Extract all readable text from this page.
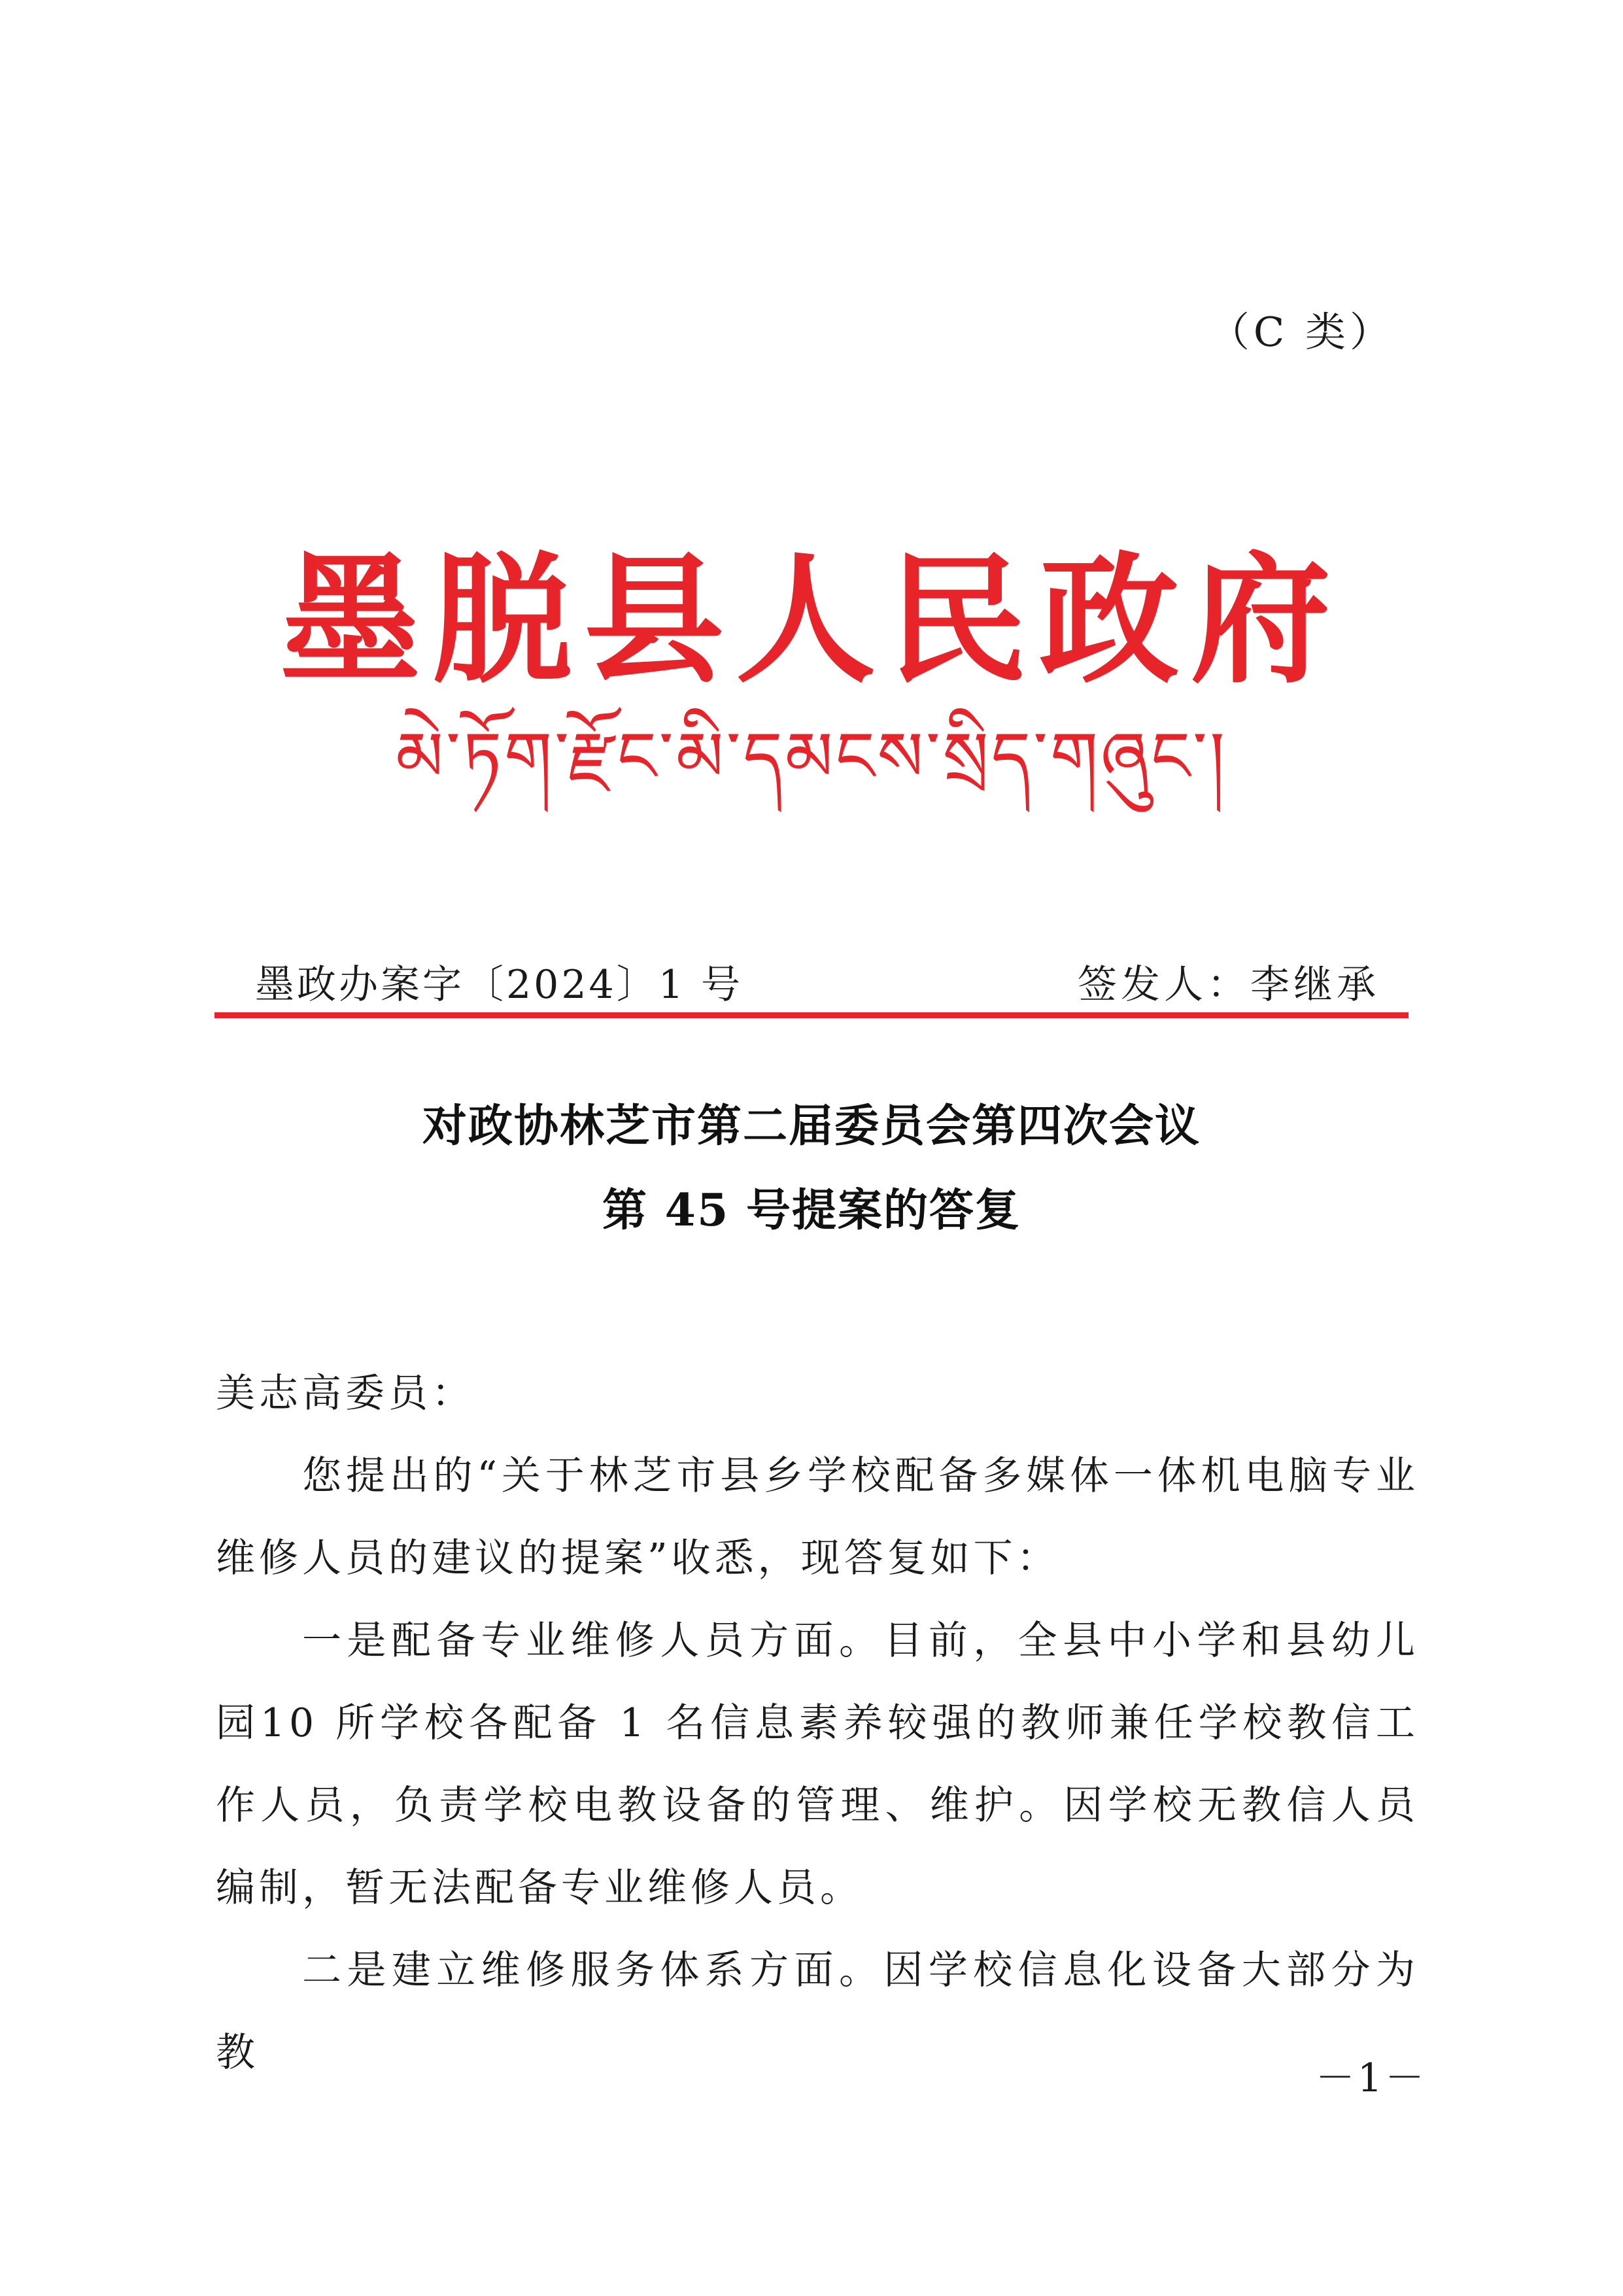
（C 类）
墨脱县人民政府
མེ་ཏོག་རྫོང་མི་དམངས་སྲིད་གཞུང་།
墨政办案字〔2024〕1 号	签发人：李继承
对政协林芝市第二届委员会第四次会议
第 45 号提案的答复

美志高委员：

您提出的“关于林芝市县乡学校配备多媒体一体机电脑专业维修人员的建议的提案”收悉，现答复如下：

一是配备专业维修人员方面。目前，全县中小学和县幼儿园10 所学校各配备 1 名信息素养较强的教师兼任学校教信工作人员，负责学校电教设备的管理、维护。因学校无教信人员编制，暂无法配备专业维修人员。

二是建立维修服务体系方面。因学校信息化设备大部分为教

－1－
